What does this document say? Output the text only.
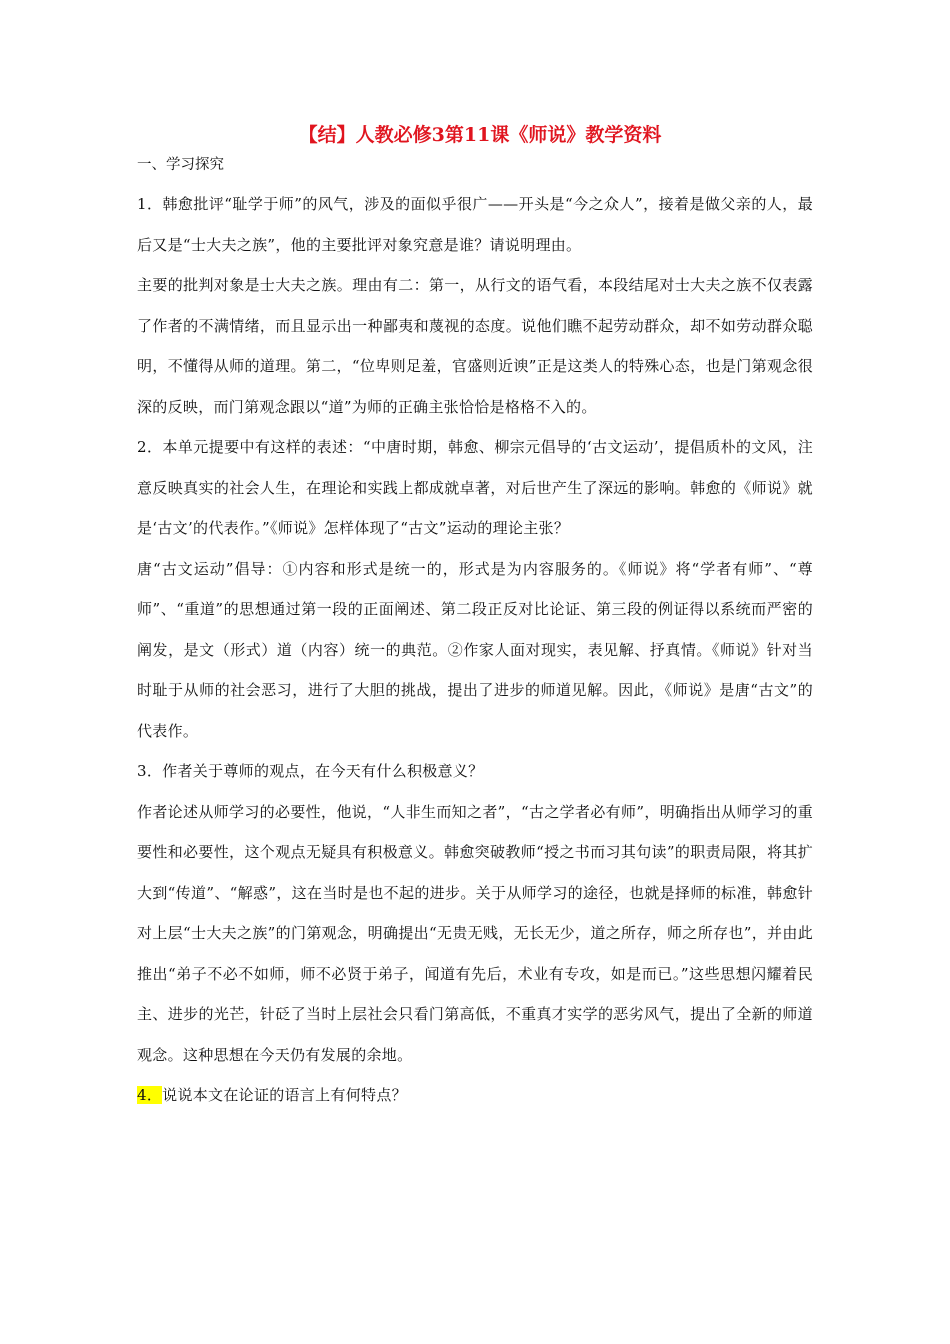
【结】人教必修3第11课《师说》教学资料

一、学习探究

1．韩愈批评“耻学于师”的风气，涉及的面似乎很广——开头是“今之众人”，接着是做父亲的人，最后又是“士大夫之族”，他的主要批评对象究意是谁？请说明理由。

主要的批判对象是士大夫之族。理由有二：第一，从行文的语气看，本段结尾对士大夫之族不仅表露了作者的不满情绪，而且显示出一种鄙夷和蔑视的态度。说他们瞧不起劳动群众，却不如劳动群众聪明，不懂得从师的道理。第二，“位卑则足羞，官盛则近谀”正是这类人的特殊心态，也是门第观念很深的反映，而门第观念跟以“道”为师的正确主张恰恰是格格不入的。

2．本单元提要中有这样的表述：“中唐时期，韩愈、柳宗元倡导的‘古文运动’，提倡质朴的文风，注意反映真实的社会人生，在理论和实践上都成就卓著，对后世产生了深远的影响。韩愈的《师说》就是‘古文’的代表作。”《师说》怎样体现了“古文”运动的理论主张？

唐“古文运动”倡导：①内容和形式是统一的，形式是为内容服务的。《师说》将“学者有师”、“尊师”、“重道”的思想通过第一段的正面阐述、第二段正反对比论证、第三段的例证得以系统而严密的阐发，是文（形式）道（内容）统一的典范。②作家人面对现实，表见解、抒真情。《师说》针对当时耻于从师的社会恶习，进行了大胆的挑战，提出了进步的师道见解。因此，《师说》是唐“古文”的代表作。

3．作者关于尊师的观点，在今天有什么积极意义？

作者论述从师学习的必要性，他说，“人非生而知之者”，“古之学者必有师”，明确指出从师学习的重要性和必要性，这个观点无疑具有积极意义。韩愈突破教师“授之书而习其句读”的职责局限，将其扩大到“传道”、“解惑”，这在当时是也不起的进步。关于从师学习的途径，也就是择师的标准，韩愈针对上层“士大夫之族”的门第观念，明确提出“无贵无贱，无长无少，道之所存，师之所存也”，并由此推出“弟子不必不如师，师不必贤于弟子，闻道有先后，术业有专攻，如是而已。”这些思想闪耀着民主、进步的光芒，针砭了当时上层社会只看门第高低，不重真才实学的恶劣风气，提出了全新的师道观念。这种思想在今天仍有发展的余地。

4．说说本文在论证的语言上有何特点？
